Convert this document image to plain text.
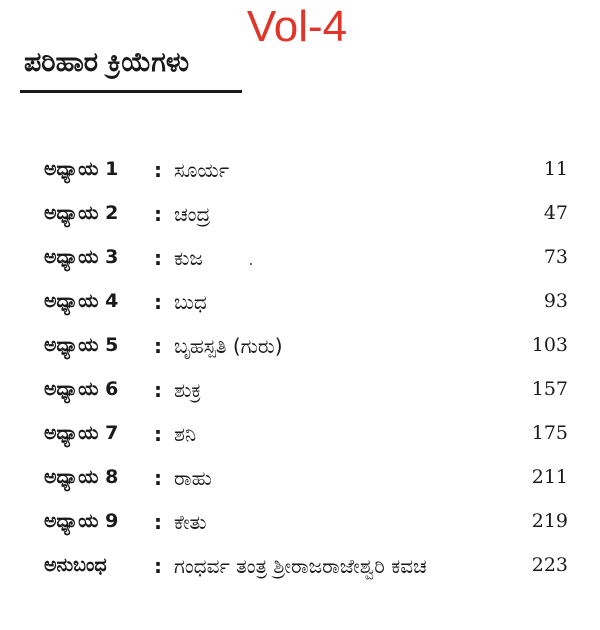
Vol-4
ಪರಿಹಾರ ಕ್ರಿಯೆಗಳು
ಅಧ್ಯಾಯ 1 : ಸೂರ್ಯ	11
ಅಧ್ಯಾಯ 2 : ಚಂದ್ರ	47
ಅಧ್ಯಾಯ 3 : ಕುಜ	73
ಅಧ್ಯಾಯ 4 : ಬುಧ	93
ಅಧ್ಯಾಯ 5 : ಬೃಹಸ್ಪತಿ (ಗುರು)	103
ಅಧ್ಯಾಯ 6 : ಶುಕ್ರ	157
ಅಧ್ಯಾಯ 7 : ಶನಿ	175
ಅಧ್ಯಾಯ 8 : ರಾಹು	211
ಅಧ್ಯಾಯ 9 : ಕೇತು	219
ಅನುಬಂಧ : ಗಂಧರ್ವ ತಂತ್ರ ಶ್ರೀರಾಜರಾಜೇಶ್ವರಿ ಕವಚ	223
